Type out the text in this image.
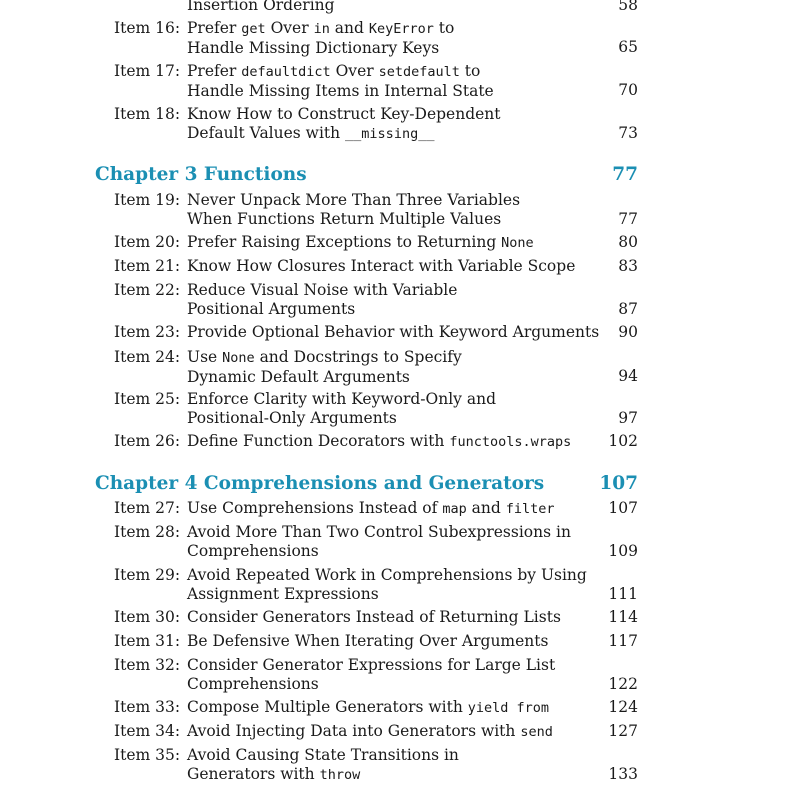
Insertion Ordering	58
Item 16: Prefer get Over in and KeyError to
Handle Missing Dictionary Keys	65
Item 17: Prefer defaultdict Over setdefault to
Handle Missing Items in Internal State	70
Item 18: Know How to Construct Key-Dependent
Default Values with __missing__	73
Chapter 3 Functions	77
Item 19: Never Unpack More Than Three Variables
When Functions Return Multiple Values	77
Item 20: Prefer Raising Exceptions to Returning None	80
Item 21: Know How Closures Interact with Variable Scope	83
Item 22: Reduce Visual Noise with Variable
Positional Arguments	87
Item 23: Provide Optional Behavior with Keyword Arguments	90
Item 24: Use None and Docstrings to Specify
Dynamic Default Arguments	94
Item 25: Enforce Clarity with Keyword-Only and
Positional-Only Arguments	97
Item 26: Define Function Decorators with functools.wraps	102
Chapter 4 Comprehensions and Generators	107
Item 27: Use Comprehensions Instead of map and filter	107
Item 28: Avoid More Than Two Control Subexpressions in
Comprehensions	109
Item 29: Avoid Repeated Work in Comprehensions by Using
Assignment Expressions	111
Item 30: Consider Generators Instead of Returning Lists	114
Item 31: Be Defensive When Iterating Over Arguments	117
Item 32: Consider Generator Expressions for Large List
Comprehensions	122
Item 33: Compose Multiple Generators with yield from	124
Item 34: Avoid Injecting Data into Generators with send	127
Item 35: Avoid Causing State Transitions in
Generators with throw	133
